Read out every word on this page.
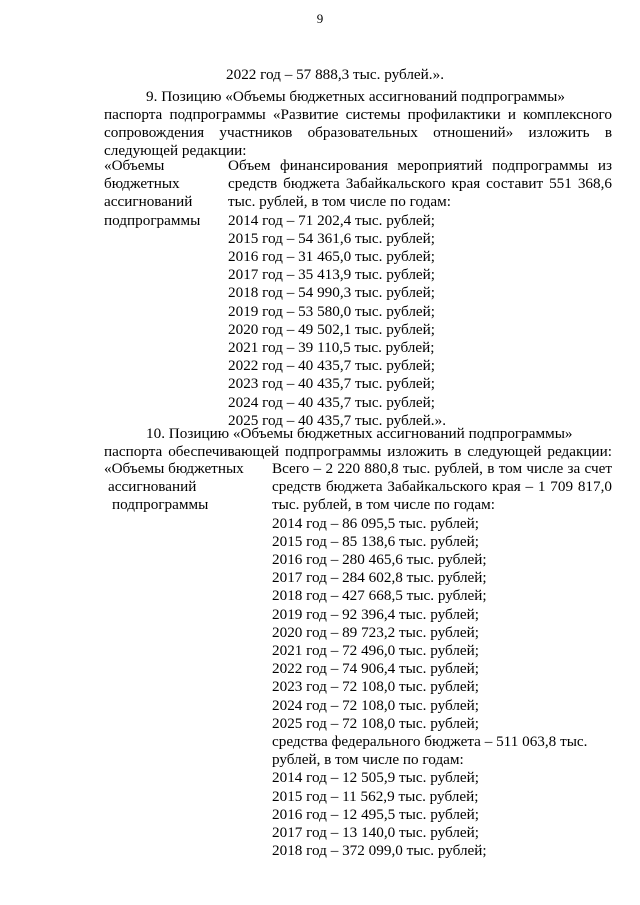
9
2022 год – 57 888,3 тыс. рублей.».
9. Позицию «Объемы бюджетных ассигнований подпрограммы»
паспорта подпрограммы «Развитие системы профилактики и комплексного
сопровождения участников образовательных отношений» изложить в
следующей редакции:
«Объемы
бюджетных
ассигнований
подпрограммы
Объем финансирования мероприятий подпрограммы из
средств бюджета Забайкальского края составит 551 368,6
тыс. рублей, в том числе по годам:
2014 год – 71 202,4 тыс. рублей;
2015 год – 54 361,6 тыс. рублей;
2016 год – 31 465,0 тыс. рублей;
2017 год – 35 413,9 тыс. рублей;
2018 год – 54 990,3 тыс. рублей;
2019 год – 53 580,0 тыс. рублей;
2020 год – 49 502,1 тыс. рублей;
2021 год – 39 110,5 тыс. рублей;
2022 год – 40 435,7 тыс. рублей;
2023 год – 40 435,7 тыс. рублей;
2024 год – 40 435,7 тыс. рублей;
2025 год – 40 435,7 тыс. рублей.».
10. Позицию «Объемы бюджетных ассигнований подпрограммы»
паспорта обеспечивающей подпрограммы изложить в следующей редакции:
«Объемы бюджетных
ассигнований
подпрограммы
Всего – 2 220 880,8 тыс. рублей, в том числе за счет
средств бюджета Забайкальского края – 1 709 817,0
тыс. рублей, в том числе по годам:
2014 год – 86 095,5 тыс. рублей;
2015 год – 85 138,6 тыс. рублей;
2016 год – 280 465,6 тыс. рублей;
2017 год – 284 602,8 тыс. рублей;
2018 год – 427 668,5 тыс. рублей;
2019 год – 92 396,4 тыс. рублей;
2020 год – 89 723,2 тыс. рублей;
2021 год – 72 496,0 тыс. рублей;
2022 год – 74 906,4 тыс. рублей;
2023 год – 72 108,0 тыс. рублей;
2024 год – 72 108,0 тыс. рублей;
2025 год – 72 108,0 тыс. рублей;
средства федерального бюджета – 511 063,8 тыс.
рублей, в том числе по годам:
2014 год – 12 505,9 тыс. рублей;
2015 год – 11 562,9 тыс. рублей;
2016 год – 12 495,5 тыс. рублей;
2017 год – 13 140,0 тыс. рублей;
2018 год – 372 099,0 тыс. рублей;
